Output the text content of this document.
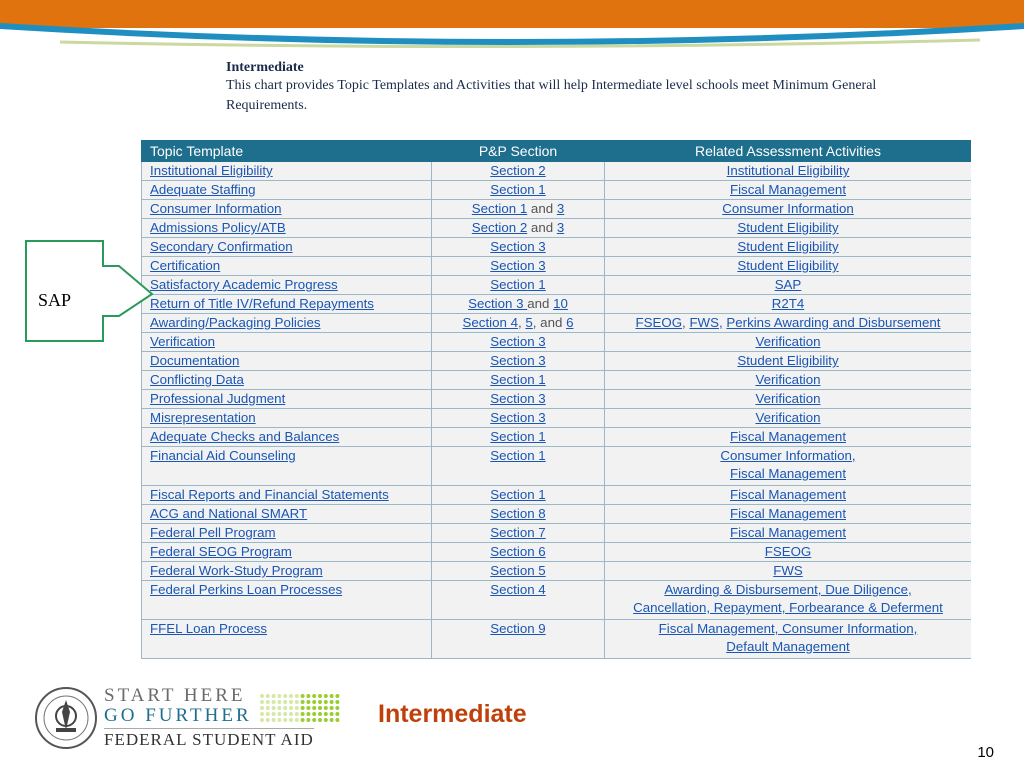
Intermediate
This chart provides Topic Templates and Activities that will help Intermediate level schools meet Minimum General Requirements.
Topic Template	P&P Section	Related Assessment Activities
Institutional Eligibility	Section 2	Institutional Eligibility
Adequate Staffing	Section 1	Fiscal Management
Consumer Information	Section 1 and 3	Consumer Information
Admissions Policy/ATB	Section 2 and 3	Student Eligibility
Secondary Confirmation	Section 3	Student Eligibility
Certification	Section 3	Student Eligibility
Satisfactory Academic Progress	Section 1	SAP
Return of Title IV/Refund Repayments	Section 3 and 10	R2T4
Awarding/Packaging Policies	Section 4, 5, and 6	FSEOG, FWS, Perkins Awarding and Disbursement
Verification	Section 3	Verification
Documentation	Section 3	Student Eligibility
Conflicting Data	Section 1	Verification
Professional Judgment	Section 3	Verification
Misrepresentation	Section 3	Verification
Adequate Checks and Balances	Section 1	Fiscal Management
Financial Aid Counseling	Section 1	Consumer Information,
Fiscal Management

Fiscal Reports and Financial Statements	Section 1	Fiscal Management
ACG and National SMART	Section 8	Fiscal Management
Federal Pell Program	Section 7	Fiscal Management
Federal SEOG Program	Section 6	FSEOG
Federal Work-Study Program	Section 5	FWS
Federal Perkins Loan Processes	Section 4	Awarding & Disbursement, Due Diligence,
Cancellation, Repayment, Forbearance & Deferment

FFEL Loan Process	Section 9	Fiscal Management, Consumer Information,
Default Management
SAP
START HERE
GO FURTHER
FEDERAL STUDENT AID
Intermediate
10
